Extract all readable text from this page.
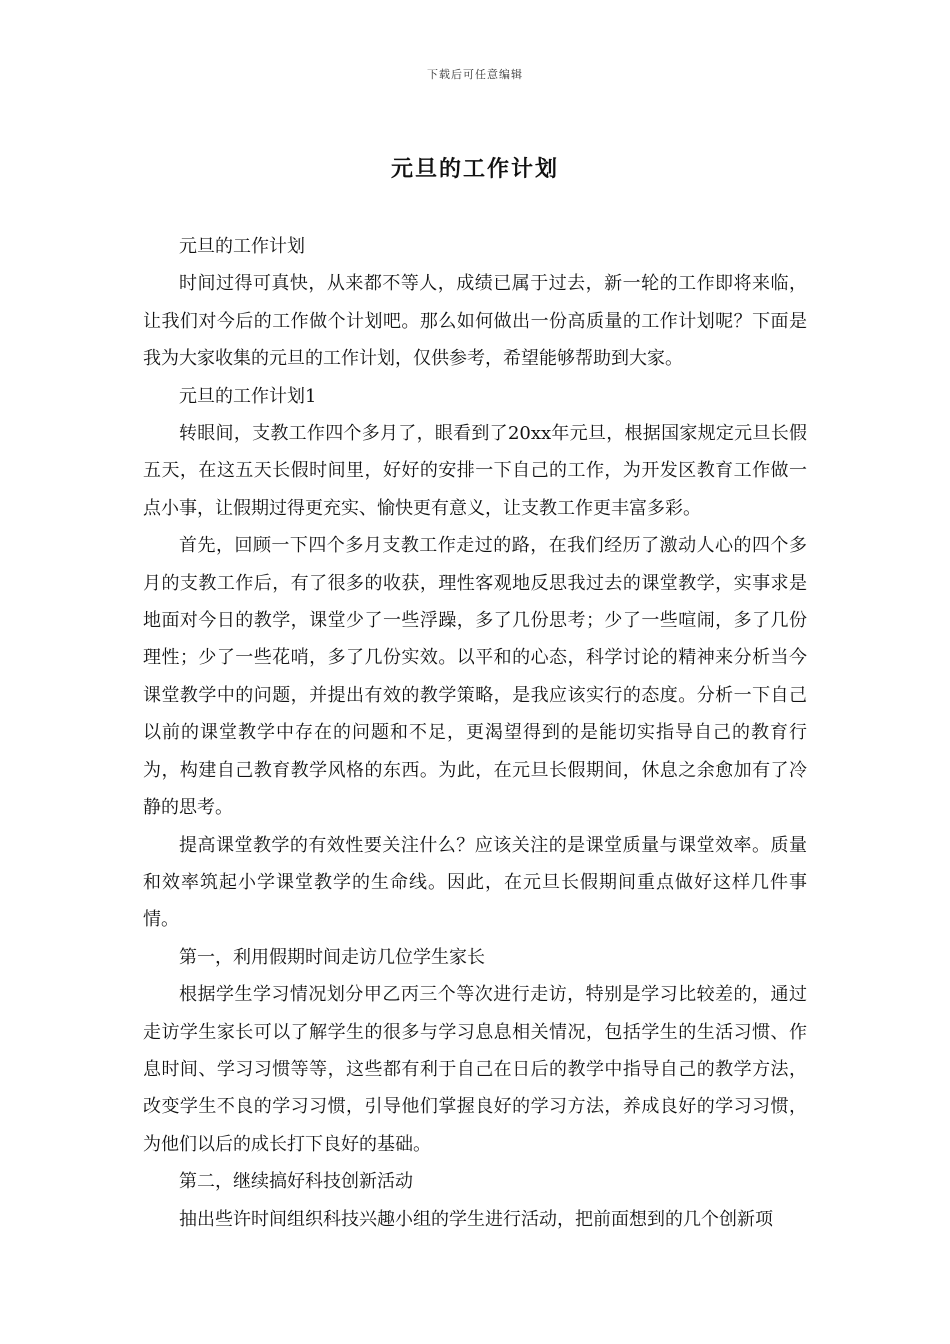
下载后可任意编辑
元旦的工作计划

元旦的工作计划

时间过得可真快，从来都不等人，成绩已属于过去，新一轮的工作即将来临，让我们对今后的工作做个计划吧。那么如何做出一份高质量的工作计划呢？下面是我为大家收集的元旦的工作计划，仅供参考，希望能够帮助到大家。

元旦的工作计划1

转眼间，支教工作四个多月了，眼看到了20xx年元旦，根据国家规定元旦长假五天，在这五天长假时间里，好好的安排一下自己的工作，为开发区教育工作做一点小事，让假期过得更充实、愉快更有意义，让支教工作更丰富多彩。

首先，回顾一下四个多月支教工作走过的路，在我们经历了激动人心的四个多月的支教工作后，有了很多的收获，理性客观地反思我过去的课堂教学，实事求是地面对今日的教学，课堂少了一些浮躁，多了几份思考；少了一些喧闹，多了几份理性；少了一些花哨，多了几份实效。以平和的心态，科学讨论的精神来分析当今课堂教学中的问题，并提出有效的教学策略，是我应该实行的态度。分析一下自己以前的课堂教学中存在的问题和不足，更渴望得到的是能切实指导自己的教育行为，构建自己教育教学风格的东西。为此，在元旦长假期间，休息之余愈加有了冷静的思考。

提高课堂教学的有效性要关注什么？应该关注的是课堂质量与课堂效率。质量和效率筑起小学课堂教学的生命线。因此，在元旦长假期间重点做好这样几件事情。

第一，利用假期时间走访几位学生家长

根据学生学习情况划分甲乙丙三个等次进行走访，特别是学习比较差的，通过走访学生家长可以了解学生的很多与学习息息相关情况，包括学生的生活习惯、作息时间、学习习惯等等，这些都有利于自己在日后的教学中指导自己的教学方法，改变学生不良的学习习惯，引导他们掌握良好的学习方法，养成良好的学习习惯，为他们以后的成长打下良好的基础。

第二，继续搞好科技创新活动

抽出些许时间组织科技兴趣小组的学生进行活动，把前面想到的几个创新项
